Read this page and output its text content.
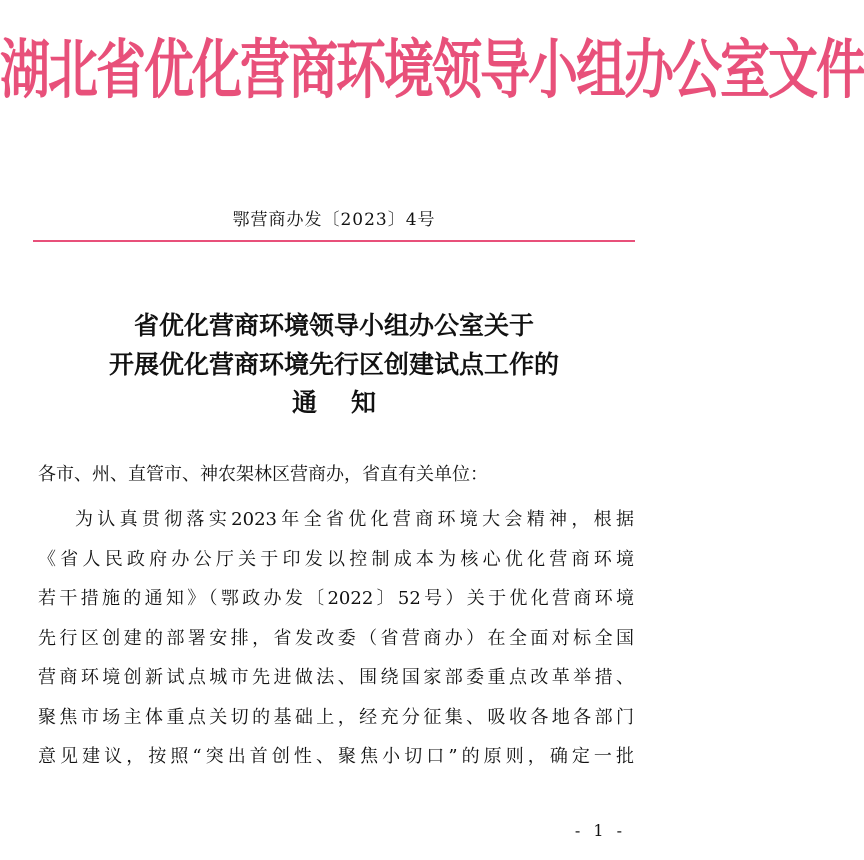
湖北省优化营商环境领导小组办公室文件
鄂营商办发〔2023〕4号
省优化营商环境领导小组办公室关于
开展优化营商环境先行区创建试点工作的
通知
各市、州、直管市、神农架林区营商办，省直有关单位：
为认真贯彻落实2023年全省优化营商环境大会精神，根据
《省人民政府办公厅关于印发以控制成本为核心优化营商环境
若干措施的通知》（鄂政办发〔2022〕52号）关于优化营商环境
先行区创建的部署安排，省发改委（省营商办）在全面对标全国
营商环境创新试点城市先进做法、围绕国家部委重点改革举措、
聚焦市场主体重点关切的基础上，经充分征集、吸收各地各部门
意见建议，按照“突出首创性、聚焦小切口”的原则，确定一批
- 1 -
